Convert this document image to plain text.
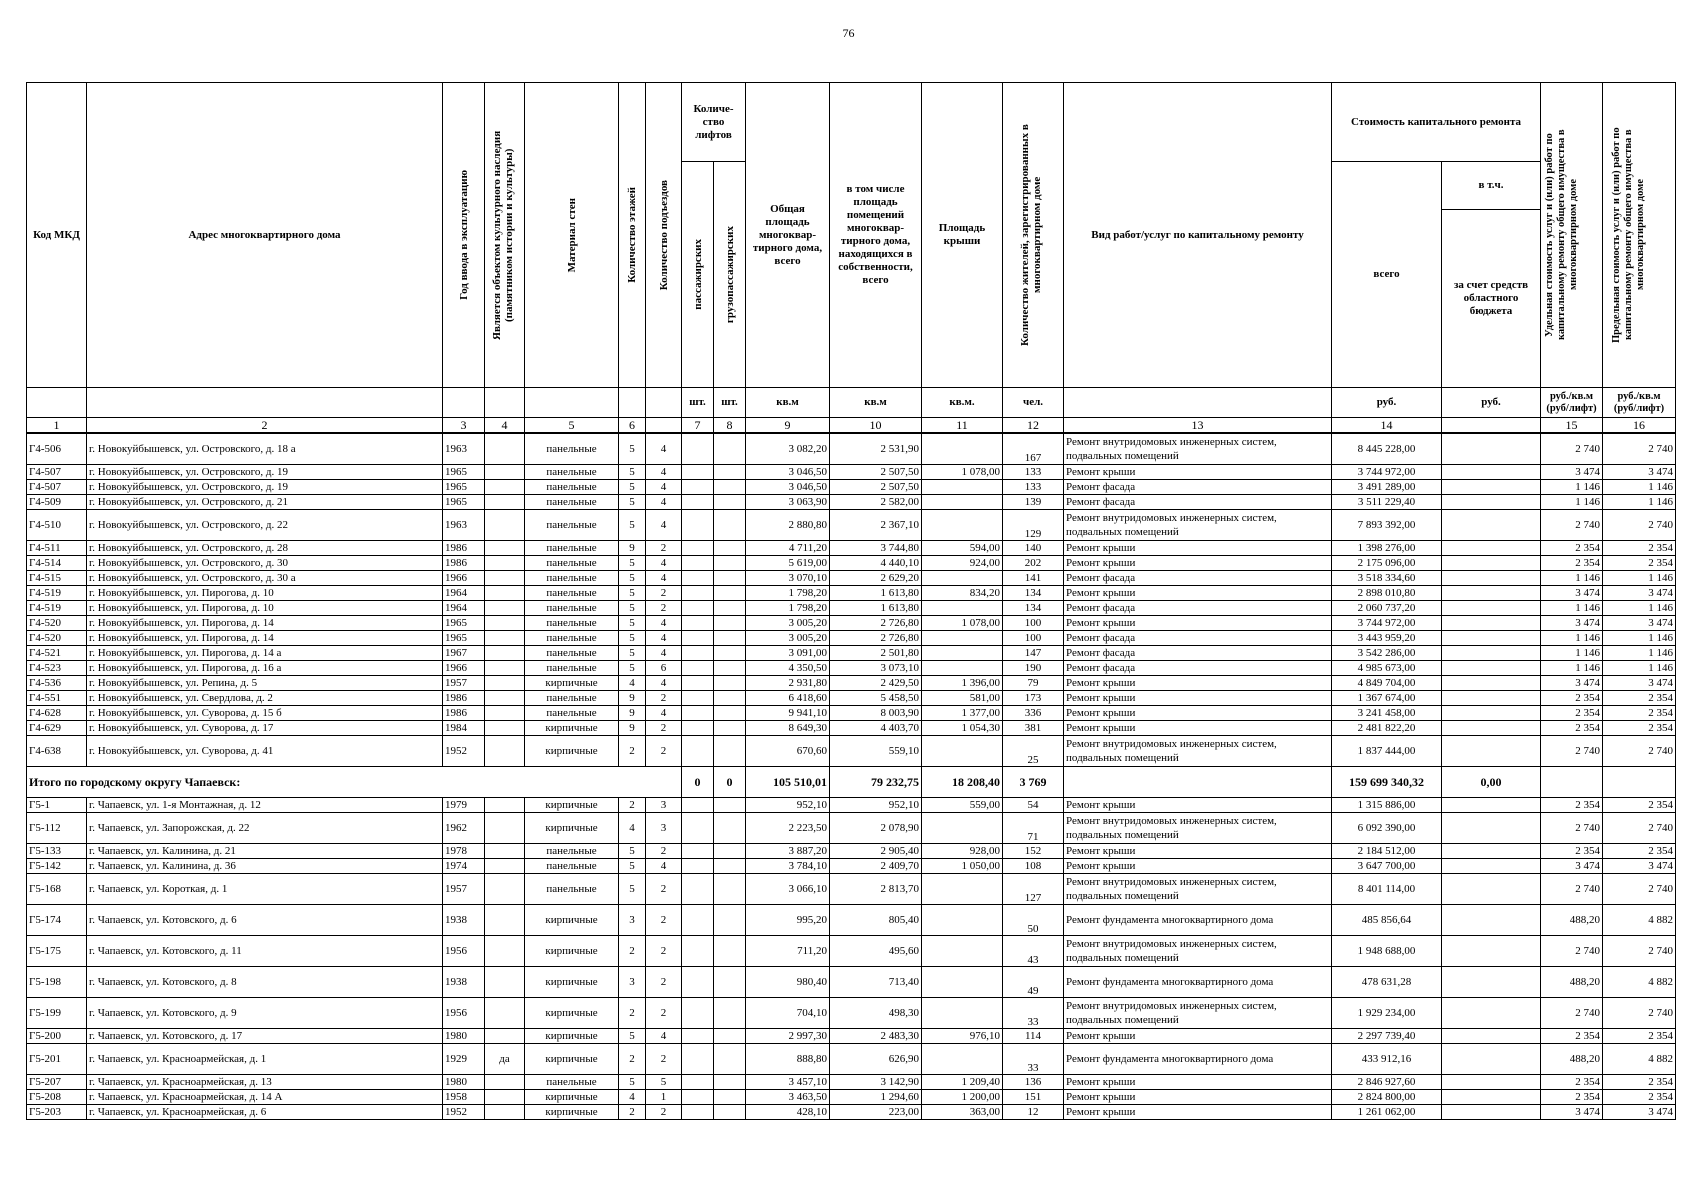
76
Код МКД	Адрес многоквартирного дома	Год ввода в эксплуатацию	Является объектом культурного наследия (памятником истории и культуры)	Материал стен	Количество этажей	Количество подъездов	Количе-ство лифтов		Общая площадь многоквар-тирного дома, всего	в том числе площадь помещений многоквар-тирного дома, находящихся в собственности, всего	Площадь крыши	Количество жителей, зарегистрированных в многоквартирном доме	Вид работ/услуг по капитальному ремонту	Стоимость капитального ремонта		Удельная стоимость услуг и (или) работ по капитальному ремонту общего имущества в многоквартирном доме	Предельная стоимость услуг и (или) работ по капитальному ремонту общего имущества в многоквартирном доме

							пассажирских	грузопассажирских						всего	в т.ч.		
															за счет средств областного бюджета		
							шт.	шт.	кв.м	кв.м	кв.м.	чел.		руб.	руб.	руб./кв.м (руб/лифт)	руб./кв.м (руб/лифт)
1	2	3	4	5	6		7	8	9	10	11	12	13	14		15	16
Г4-506	г. Новокуйбышевск, ул. Островского, д. 18 а	1963		панельные	5	4			3 082,20	2 531,90		167	Ремонт внутридомовых инженерных систем, подвальных помещений	8 445 228,00		2 740	2 740
Г4-507	г. Новокуйбышевск, ул. Островского, д. 19	1965		панельные	5	4			3 046,50	2 507,50	1 078,00	133	Ремонт крыши	3 744 972,00		3 474	3 474
Г4-507	г. Новокуйбышевск, ул. Островского, д. 19	1965		панельные	5	4			3 046,50	2 507,50		133	Ремонт фасада	3 491 289,00		1 146	1 146
Г4-509	г. Новокуйбышевск, ул. Островского, д. 21	1965		панельные	5	4			3 063,90	2 582,00		139	Ремонт фасада	3 511 229,40		1 146	1 146
Г4-510	г. Новокуйбышевск, ул. Островского, д. 22	1963		панельные	5	4			2 880,80	2 367,10		129	Ремонт внутридомовых инженерных систем, подвальных помещений	7 893 392,00		2 740	2 740
Г4-511	г. Новокуйбышевск, ул. Островского, д. 28	1986		панельные	9	2			4 711,20	3 744,80	594,00	140	Ремонт крыши	1 398 276,00		2 354	2 354
Г4-514	г. Новокуйбышевск, ул. Островского, д. 30	1986		панельные	5	4			5 619,00	4 440,10	924,00	202	Ремонт крыши	2 175 096,00		2 354	2 354
Г4-515	г. Новокуйбышевск, ул. Островского, д. 30 а	1966		панельные	5	4			3 070,10	2 629,20		141	Ремонт фасада	3 518 334,60		1 146	1 146
Г4-519	г. Новокуйбышевск, ул. Пирогова, д. 10	1964		панельные	5	2			1 798,20	1 613,80	834,20	134	Ремонт крыши	2 898 010,80		3 474	3 474
Г4-519	г. Новокуйбышевск, ул. Пирогова, д. 10	1964		панельные	5	2			1 798,20	1 613,80		134	Ремонт фасада	2 060 737,20		1 146	1 146
Г4-520	г. Новокуйбышевск, ул. Пирогова, д. 14	1965		панельные	5	4			3 005,20	2 726,80	1 078,00	100	Ремонт крыши	3 744 972,00		3 474	3 474
Г4-520	г. Новокуйбышевск, ул. Пирогова, д. 14	1965		панельные	5	4			3 005,20	2 726,80		100	Ремонт фасада	3 443 959,20		1 146	1 146
Г4-521	г. Новокуйбышевск, ул. Пирогова, д. 14 а	1967		панельные	5	4			3 091,00	2 501,80		147	Ремонт фасада	3 542 286,00		1 146	1 146
Г4-523	г. Новокуйбышевск, ул. Пирогова, д. 16 а	1966		панельные	5	6			4 350,50	3 073,10		190	Ремонт фасада	4 985 673,00		1 146	1 146
Г4-536	г. Новокуйбышевск, ул. Репина, д. 5	1957		кирпичные	4	4			2 931,80	2 429,50	1 396,00	79	Ремонт крыши	4 849 704,00		3 474	3 474
Г4-551	г. Новокуйбышевск, ул. Свердлова, д. 2	1986		панельные	9	2			6 418,60	5 458,50	581,00	173	Ремонт крыши	1 367 674,00		2 354	2 354
Г4-628	г. Новокуйбышевск, ул. Суворова, д. 15 б	1986		панельные	9	4			9 941,10	8 003,90	1 377,00	336	Ремонт крыши	3 241 458,00		2 354	2 354
Г4-629	г. Новокуйбышевск, ул. Суворова, д. 17	1984		кирпичные	9	2			8 649,30	4 403,70	1 054,30	381	Ремонт крыши	2 481 822,20		2 354	2 354
Г4-638	г. Новокуйбышевск, ул. Суворова, д. 41	1952		кирпичные	2	2			670,60	559,10		25	Ремонт внутридомовых инженерных систем, подвальных помещений	1 837 444,00		2 740	2 740
Итого по городскому округу Чапаевск:							0	0	105 510,01	79 232,75	18 208,40	3 769		159 699 340,32	0,00		
Г5-1	г. Чапаевск, ул. 1-я Монтажная, д. 12	1979		кирпичные	2	3			952,10	952,10	559,00	54	Ремонт крыши	1 315 886,00		2 354	2 354
Г5-112	г. Чапаевск, ул. Запорожская, д. 22	1962		кирпичные	4	3			2 223,50	2 078,90		71	Ремонт внутридомовых инженерных систем, подвальных помещений	6 092 390,00		2 740	2 740
Г5-133	г. Чапаевск, ул. Калинина, д. 21	1978		панельные	5	2			3 887,20	2 905,40	928,00	152	Ремонт крыши	2 184 512,00		2 354	2 354
Г5-142	г. Чапаевск, ул. Калинина, д. 36	1974		панельные	5	4			3 784,10	2 409,70	1 050,00	108	Ремонт крыши	3 647 700,00		3 474	3 474
Г5-168	г. Чапаевск, ул. Короткая, д. 1	1957		панельные	5	2			3 066,10	2 813,70		127	Ремонт внутридомовых инженерных систем, подвальных помещений	8 401 114,00		2 740	2 740
Г5-174	г. Чапаевск, ул. Котовского, д. 6	1938		кирпичные	3	2			995,20	805,40		50	Ремонт фундамента многоквартирного дома	485 856,64		488,20	4 882
Г5-175	г. Чапаевск, ул. Котовского, д. 11	1956		кирпичные	2	2			711,20	495,60		43	Ремонт внутридомовых инженерных систем, подвальных помещений	1 948 688,00		2 740	2 740
Г5-198	г. Чапаевск, ул. Котовского, д. 8	1938		кирпичные	3	2			980,40	713,40		49	Ремонт фундамента многоквартирного дома	478 631,28		488,20	4 882
Г5-199	г. Чапаевск, ул. Котовского, д. 9	1956		кирпичные	2	2			704,10	498,30		33	Ремонт внутридомовых инженерных систем, подвальных помещений	1 929 234,00		2 740	2 740
Г5-200	г. Чапаевск, ул. Котовского, д. 17	1980		кирпичные	5	4			2 997,30	2 483,30	976,10	114	Ремонт крыши	2 297 739,40		2 354	2 354
Г5-201	г. Чапаевск, ул. Красноармейская, д. 1	1929	да	кирпичные	2	2			888,80	626,90		33	Ремонт фундамента многоквартирного дома	433 912,16		488,20	4 882
Г5-207	г. Чапаевск, ул. Красноармейская, д. 13	1980		панельные	5	5			3 457,10	3 142,90	1 209,40	136	Ремонт крыши	2 846 927,60		2 354	2 354
Г5-208	г. Чапаевск, ул. Красноармейская, д. 14 А	1958		кирпичные	4	1			3 463,50	1 294,60	1 200,00	151	Ремонт крыши	2 824 800,00		2 354	2 354
Г5-203	г. Чапаевск, ул. Красноармейская, д. 6	1952		кирпичные	2	2			428,10	223,00	363,00	12	Ремонт крыши	1 261 062,00		3 474	3 474
